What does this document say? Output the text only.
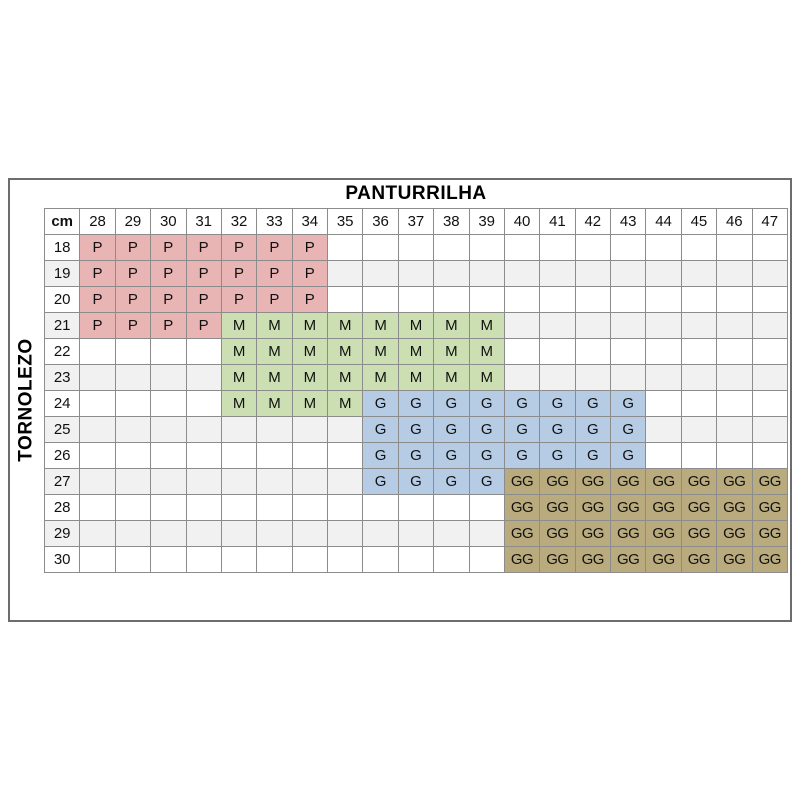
TORNOLEZO
PANTURRILHA
cm	28	29	30	31	32	33	34	35	36	37	38	39	40	41	42	43	44	45	46	47
18	P	P	P	P	P	P	P													
19	P	P	P	P	P	P	P													
20	P	P	P	P	P	P	P													
21	P	P	P	P	M	M	M	M	M	M	M	M								
22					M	M	M	M	M	M	M	M								
23					M	M	M	M	M	M	M	M								
24					M	M	M	M	G	G	G	G	G	G	G	G				
25									G	G	G	G	G	G	G	G				
26									G	G	G	G	G	G	G	G				
27									G	G	G	G	GG	GG	GG	GG	GG	GG	GG	GG
28													GG	GG	GG	GG	GG	GG	GG	GG
29													GG	GG	GG	GG	GG	GG	GG	GG
30													GG	GG	GG	GG	GG	GG	GG	GG
